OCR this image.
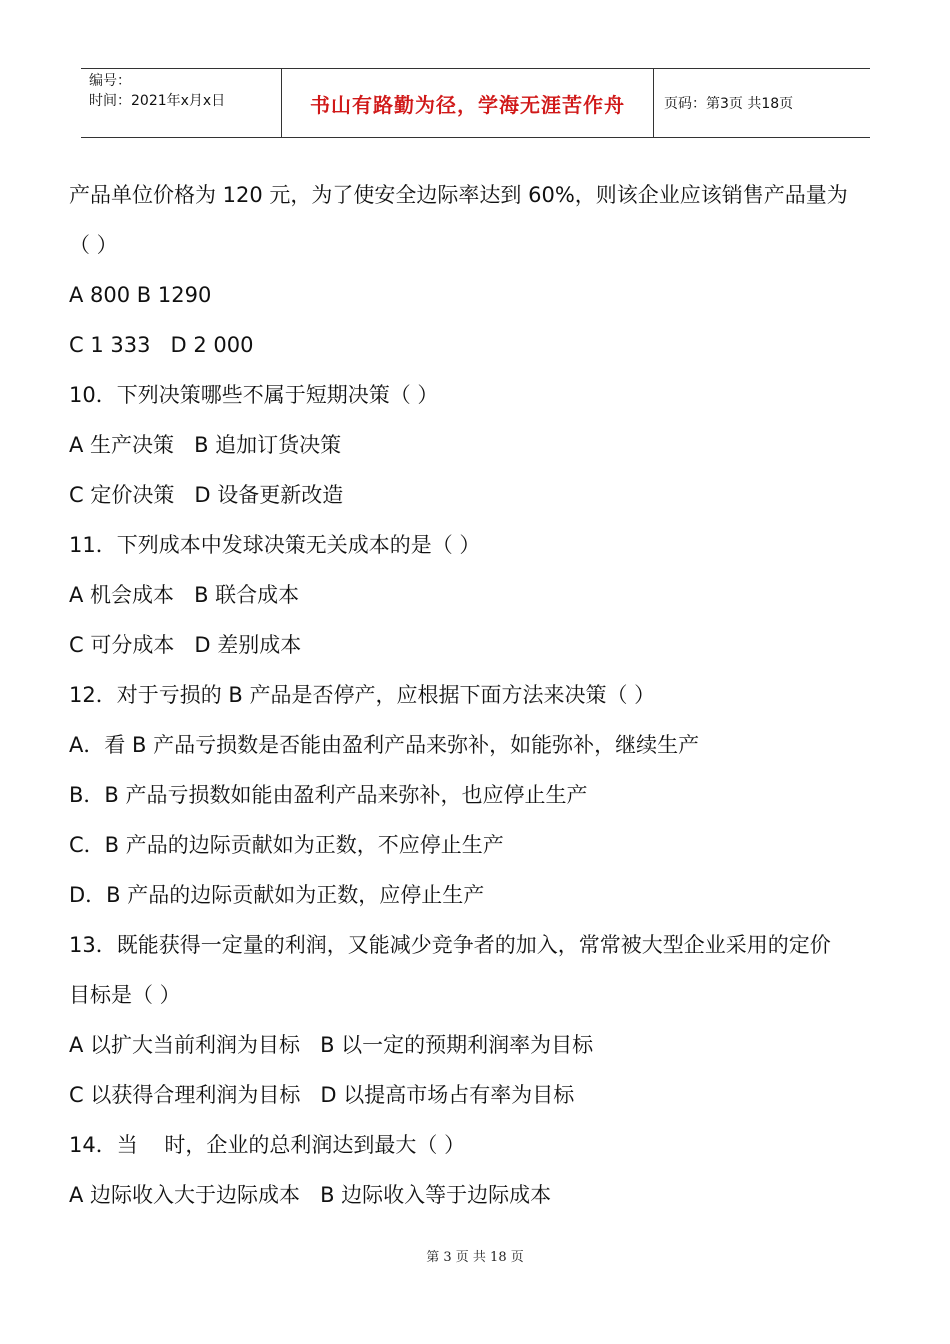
编号：
时间：2021年x月x日	书山有路勤为径，学海无涯苦作舟	页码：第3页 共18页
产品单位价格为 120 元，为了使安全边际率达到 60%，则该企业应该销售产品量为
（ ）
A 800 B 1290
C 1 333   D 2 000
10．下列决策哪些不属于短期决策（ ）
A 生产决策   B 追加订货决策
C 定价决策   D 设备更新改造
11．下列成本中发球决策无关成本的是（ ）
A 机会成本   B 联合成本
C 可分成本   D 差别成本
12．对于亏损的 B 产品是否停产，应根据下面方法来决策（ ）
A．看 B 产品亏损数是否能由盈利产品来弥补，如能弥补，继续生产
B．B 产品亏损数如能由盈利产品来弥补，也应停止生产
C．B 产品的边际贡献如为正数，不应停止生产
D．B 产品的边际贡献如为正数，应停止生产
13．既能获得一定量的利润，又能减少竞争者的加入，常常被大型企业采用的定价
目标是（ ）
A 以扩大当前利润为目标   B 以一定的预期利润率为目标
C 以获得合理利润为目标   D 以提高市场占有率为目标
14．当    时，企业的总利润达到最大（ ）
A 边际收入大于边际成本   B 边际收入等于边际成本
第 3 页 共 18 页
